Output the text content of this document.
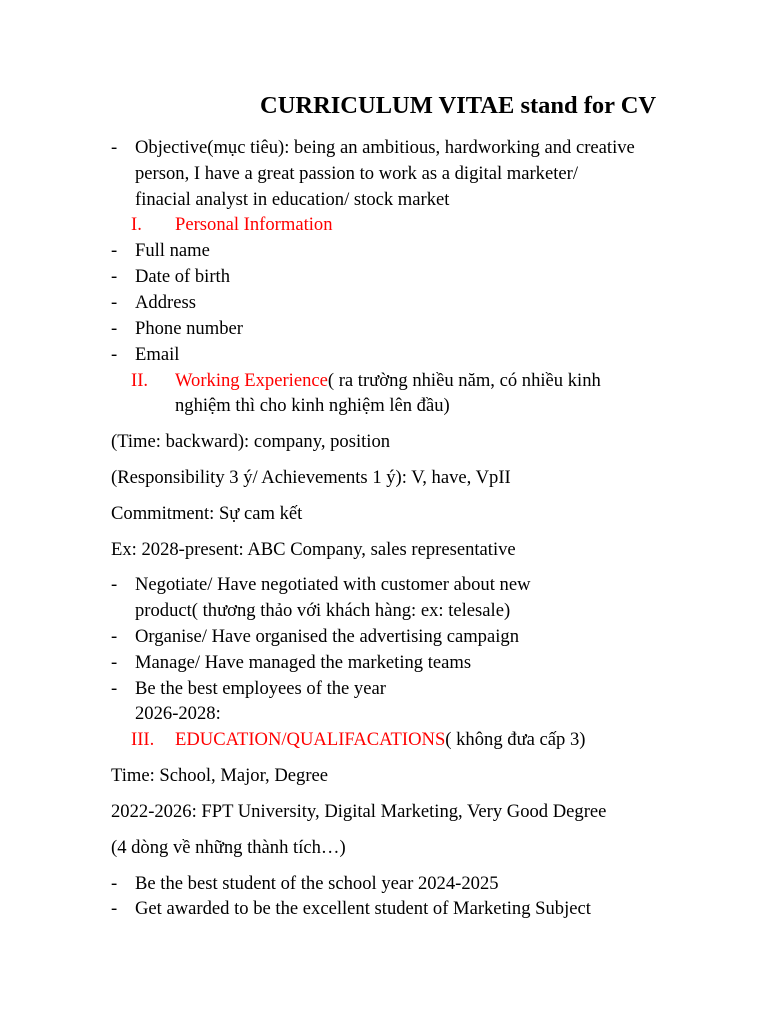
CURRICULUM VITAE stand for CV
- Objective(mục tiêu): being an ambitious, hardworking and creative
person, I have a great passion to work as a digital marketer/
finacial analyst in education/ stock market
I. Personal Information
- Full name
- Date of birth
- Address
- Phone number
- Email
II. Working Experience( ra trường nhiều năm, có nhiều kinh
nghiệm thì cho kinh nghiệm lên đầu)
(Time: backward): company, position
(Responsibility 3 ý/ Achievements 1 ý): V, have, VpII
Commitment: Sự cam kết
Ex: 2028-present: ABC Company, sales representative
- Negotiate/ Have negotiated with customer about new
product( thương thảo với khách hàng: ex: telesale)
- Organise/ Have organised the advertising campaign
- Manage/ Have managed the marketing teams
- Be the best employees of the year
2026-2028:
III. EDUCATION/QUALIFACATIONS( không đưa cấp 3)
Time: School, Major, Degree
2022-2026: FPT University, Digital Marketing, Very Good Degree
(4 dòng về những thành tích…)
- Be the best student of the school year 2024-2025
- Get awarded to be the excellent student of Marketing Subject
